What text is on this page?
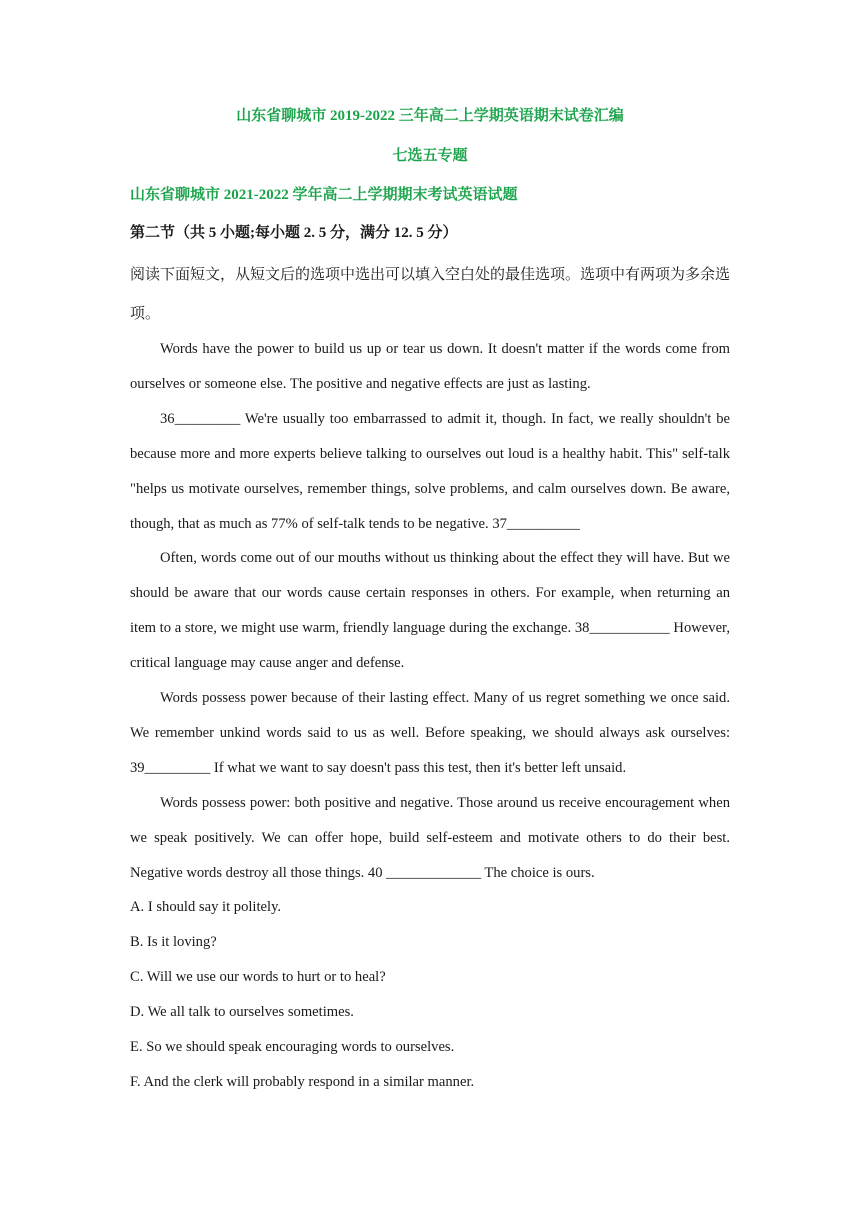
山东省聊城市 2019-2022 三年高二上学期英语期末试卷汇编
七选五专题
山东省聊城市 2021-2022 学年高二上学期期末考试英语试题
第二节（共 5 小题;每小题 2. 5 分，满分 12. 5 分）
阅读下面短文，从短文后的选项中选出可以填入空白处的最佳选项。选项中有两项为多余选项。

Words have the power to build us up or tear us down. It doesn't matter if the words come from ourselves or someone else. The positive and negative effects are just as lasting.

36_________ We're usually too embarrassed to admit it, though. In fact, we really shouldn't be because more and more experts believe talking to ourselves out loud is a healthy habit. This" self-talk "helps us motivate ourselves, remember things, solve problems, and calm ourselves down. Be aware, though, that as much as 77% of self-talk tends to be negative. 37__________

Often, words come out of our mouths without us thinking about the effect they will have. But we should be aware that our words cause certain responses in others. For example, when returning an item to a store, we might use warm, friendly language during the exchange. 38___________ However, critical language may cause anger and defense.

Words possess power because of their lasting effect. Many of us regret something we once said. We remember unkind words said to us as well. Before speaking, we should always ask ourselves: 39_________ If what we want to say doesn't pass this test, then it's better left unsaid.

Words possess power: both positive and negative. Those around us receive encouragement when we speak positively. We can offer hope, build self-esteem and motivate others to do their best. Negative words destroy all those things. 40 _____________ The choice is ours.

A. I should say it politely.
B. Is it loving?
C. Will we use our words to hurt or to heal?
D. We all talk to ourselves sometimes.
E. So we should speak encouraging words to ourselves.
F. And the clerk will probably respond in a similar manner.
